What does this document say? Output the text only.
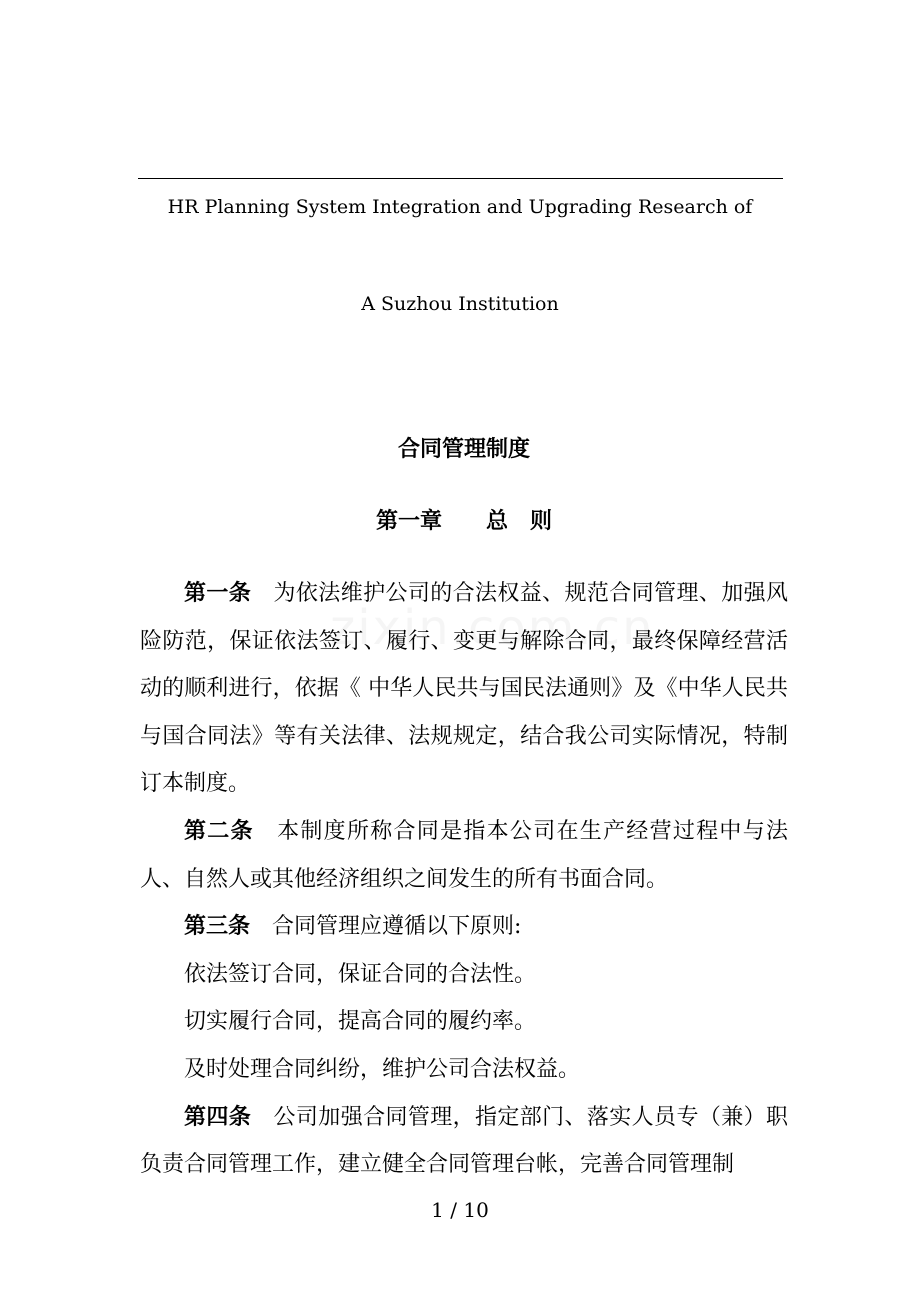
HR Planning System Integration and Upgrading Research of
A Suzhou Institution
合同管理制度
第一章　　总　则

第一条　为依法维护公司的合法权益、规范合同管理、加强风险防范，保证依法签订、履行、变更与解除合同，最终保障经营活动的顺利进行，依据《 中华人民共与国民法通则》及《中华人民共与国合同法》等有关法律、法规规定，结合我公司实际情况，特制订本制度。

第二条　本制度所称合同是指本公司在生产经营过程中与法人、自然人或其他经济组织之间发生的所有书面合同。

第三条　合同管理应遵循以下原则:

依法签订合同，保证合同的合法性。

切实履行合同，提高合同的履约率。

及时处理合同纠纷，维护公司合法权益。

第四条　公司加强合同管理，指定部门、落实人员专（兼）职负责合同管理工作，建立健全合同管理台帐，完善合同管理制

1 / 10
